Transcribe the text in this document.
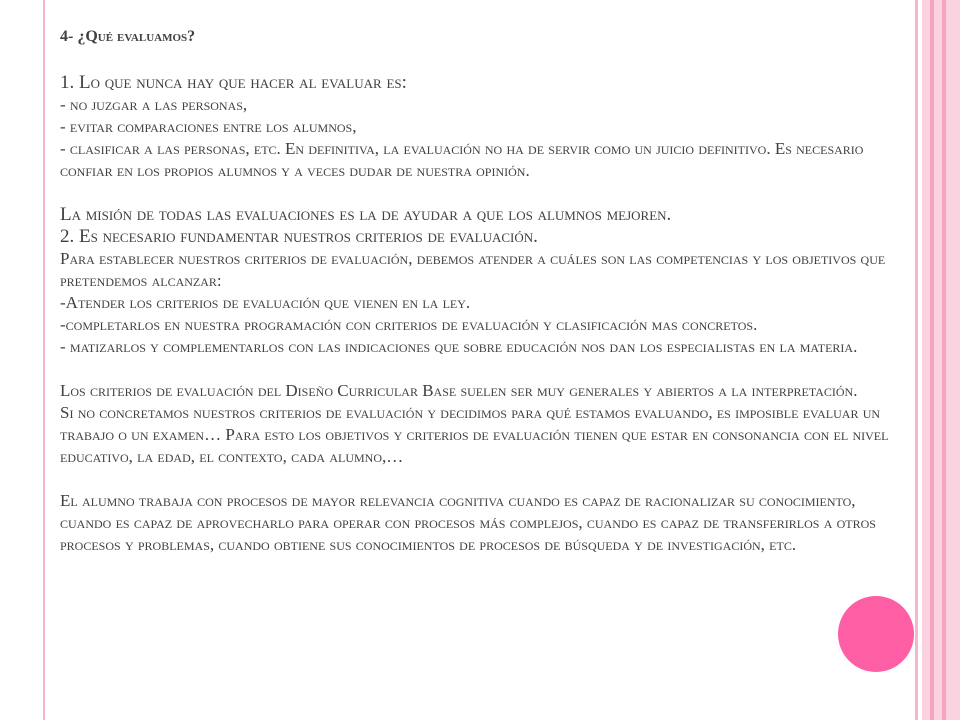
4- ¿Qué evaluamos?

1. Lo que nunca hay que hacer al evaluar es:

- no juzgar a las personas,

- evitar comparaciones entre los alumnos,

- clasificar a las personas, etc. En definitiva, la evaluación no ha de servir como un juicio definitivo. Es necesario confiar en los propios alumnos y a veces dudar de nuestra opinión.

La misión de todas las evaluaciones es la de ayudar a que los alumnos mejoren.

2. Es necesario fundamentar nuestros criterios de evaluación.

Para establecer nuestros criterios de evaluación, debemos atender a cuáles son las competencias y los objetivos que pretendemos alcanzar:

-Atender los criterios de evaluación que vienen en la ley.

-completarlos en nuestra programación con criterios de evaluación y clasificación mas concretos.

- matizarlos y complementarlos con las indicaciones que sobre educación nos dan los especialistas en la materia.

Los criterios de evaluación del Diseño Curricular Base suelen ser muy generales y abiertos a la interpretación.

Si no concretamos nuestros criterios de evaluación y decidimos para qué estamos evaluando, es imposible evaluar un trabajo o un examen… Para esto los objetivos y criterios de evaluación tienen que estar en consonancia con el nivel educativo, la edad, el contexto, cada alumno,…

El alumno trabaja con procesos de mayor relevancia cognitiva cuando es capaz de racionalizar su conocimiento, cuando es capaz de aprovecharlo para operar con procesos más complejos, cuando es capaz de transferirlos a otros procesos y problemas, cuando obtiene sus conocimientos de procesos de búsqueda y de investigación, etc.
